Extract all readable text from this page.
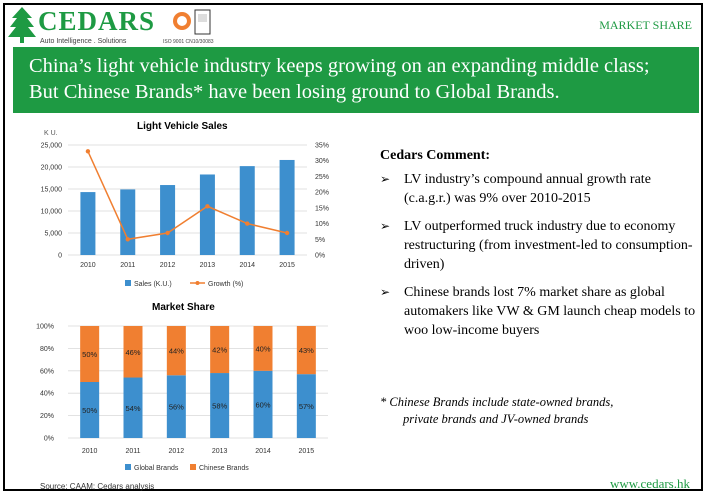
CEDARS
Auto Intelligence . Solutions	ISO 9001 CN10/30083
MARKET SHARE
China’s light vehicle industry keeps growing on an expanding middle class;
But Chinese Brands* have been losing ground to Global Brands.
Light Vehicle Sales
K U.
0
5,000
10,000
15,000
20,000
25,000
0%
5%
10%
15%
20%
25%
30%
35%
2010	2011	2012	2013	2014	2015
Sales (K.U.)	Growth (%)
Market Share
0%
20%
40%
60%
80%
100%
50%
50%
2010
54%
46%
2011
56%
44%
2012
58%
42%
2013
60%
40%
2014
57%
43%
2015
Global Brands	Chinese Brands
Cedars Comment:
➢ LV industry’s compound annual growth rate (c.a.g.r.) was 9% over 2010-2015
➢ LV outperformed truck industry due to economy restructuring (from investment-led to consumption-driven)
➢ Chinese brands lost 7% market share as global automakers like VW & GM launch cheap models to woo low-income buyers
* Chinese Brands include state-owned brands,
private brands and JV-owned brands
Source: CAAM; Cedars analysis	www.cedars.hk
